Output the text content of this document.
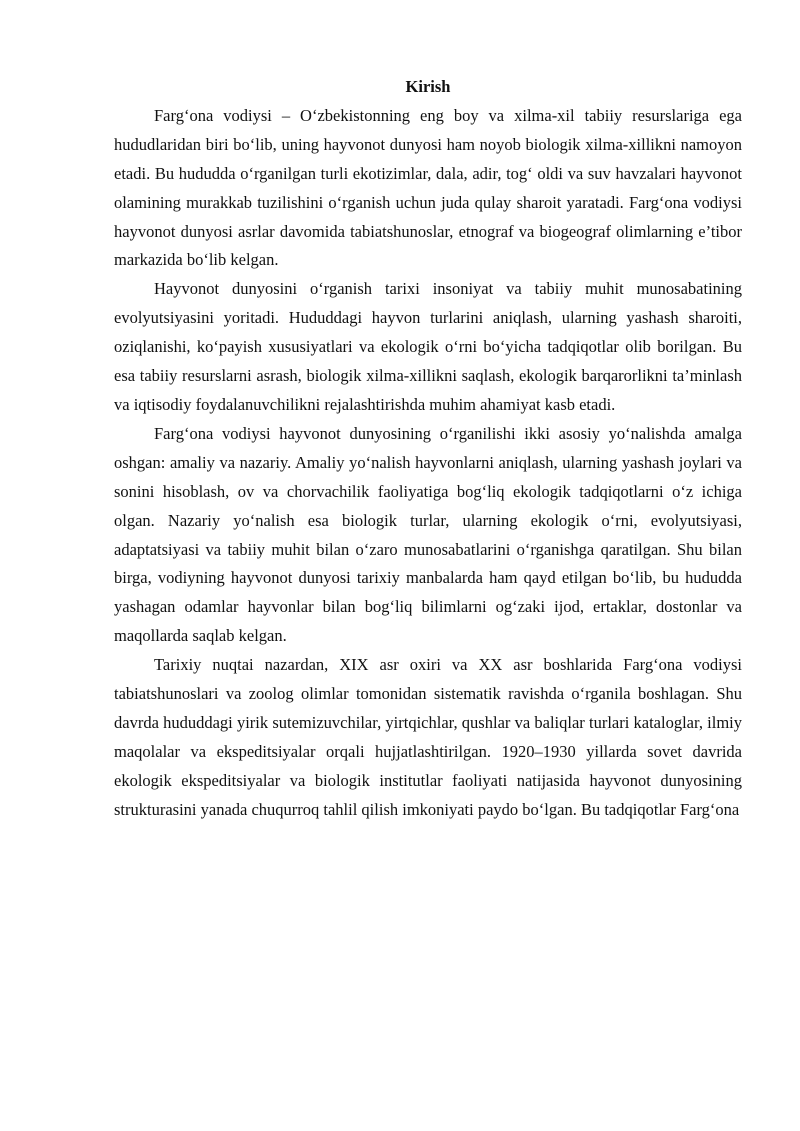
Kirish

Farg‘ona vodiysi – O‘zbekistonning eng boy va xilma-xil tabiiy resurslariga ega hududlaridan biri bo‘lib, uning hayvonot dunyosi ham noyob biologik xilma-xillikni namoyon etadi. Bu hududda o‘rganilgan turli ekotizimlar, dala, adir, tog‘ oldi va suv havzalari hayvonot olamining murakkab tuzilishini o‘rganish uchun juda qulay sharoit yaratadi. Farg‘ona vodiysi hayvonot dunyosi asrlar davomida tabiatshunoslar, etnograf va biogeograf olimlarning e’tibor markazida bo‘lib kelgan.

Hayvonot dunyosini o‘rganish tarixi insoniyat va tabiiy muhit munosabatining evolyutsiyasini yoritadi. Hududdagi hayvon turlarini aniqlash, ularning yashash sharoiti, oziqlanishi, ko‘payish xususiyatlari va ekologik o‘rni bo‘yicha tadqiqotlar olib borilgan. Bu esa tabiiy resurslarni asrash, biologik xilma-xillikni saqlash, ekologik barqarorlikni ta’minlash va iqtisodiy foydalanuvchilikni rejalashtirishda muhim ahamiyat kasb etadi.

Farg‘ona vodiysi hayvonot dunyosining o‘rganilishi ikki asosiy yo‘nalishda amalga oshgan: amaliy va nazariy. Amaliy yo‘nalish hayvonlarni aniqlash, ularning yashash joylari va sonini hisoblash, ov va chorvachilik faoliyatiga bog‘liq ekologik tadqiqotlarni o‘z ichiga olgan. Nazariy yo‘nalish esa biologik turlar, ularning ekologik o‘rni, evolyutsiyasi, adaptatsiyasi va tabiiy muhit bilan o‘zaro munosabatlarini o‘rganishga qaratilgan. Shu bilan birga, vodiyning hayvonot dunyosi tarixiy manbalarda ham qayd etilgan bo‘lib, bu hududda yashagan odamlar hayvonlar bilan bog‘liq bilimlarni og‘zaki ijod, ertaklar, dostonlar va maqollarda saqlab kelgan.

Tarixiy nuqtai nazardan, XIX asr oxiri va XX asr boshlarida Farg‘ona vodiysi tabiatshunoslari va zoolog olimlar tomonidan sistematik ravishda o‘rganila boshlagan. Shu davrda hududdagi yirik sutemizuvchilar, yirtqichlar, qushlar va baliqlar turlari kataloglar, ilmiy maqolalar va ekspeditsiyalar orqali hujjatlashtirilgan. 1920–1930 yillarda sovet davrida ekologik ekspeditsiyalar va biologik institutlar faoliyati natijasida hayvonot dunyosining strukturasini yanada chuqurroq tahlil qilish imkoniyati paydo bo‘lgan. Bu tadqiqotlar Farg‘ona
